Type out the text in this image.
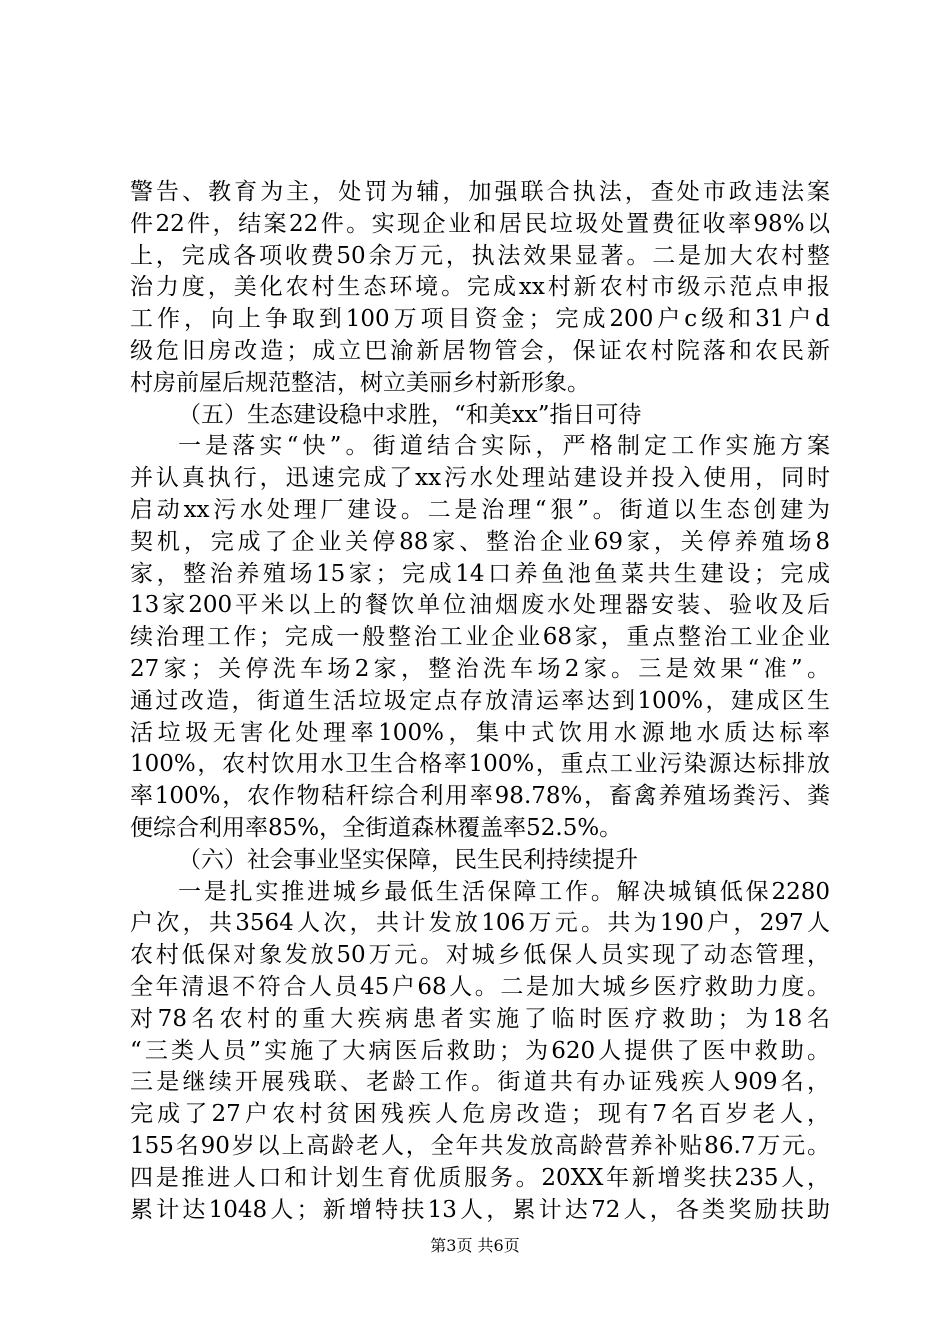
警告、教育为主，处罚为辅，加强联合执法，查处市政违法案
件22件，结案22件。实现企业和居民垃圾处置费征收率98%以
上，完成各项收费50余万元，执法效果显著。二是加大农村整
治力度，美化农村生态环境。完成xx村新农村市级示范点申报
工作，向上争取到100万项目资金；完成200户c级和31户d
级危旧房改造；成立巴渝新居物管会，保证农村院落和农民新
村房前屋后规范整洁，树立美丽乡村新形象。
（五）生态建设稳中求胜，“和美xx”指日可待
一是落实“快”。街道结合实际，严格制定工作实施方案
并认真执行，迅速完成了xx污水处理站建设并投入使用，同时
启动xx污水处理厂建设。二是治理“狠”。街道以生态创建为
契机，完成了企业关停88家、整治企业69家，关停养殖场8
家，整治养殖场15家；完成14口养鱼池鱼菜共生建设；完成
13家200平米以上的餐饮单位油烟废水处理器安装、验收及后
续治理工作；完成一般整治工业企业68家，重点整治工业企业
27家；关停洗车场2家，整治洗车场2家。三是效果“准”。
通过改造，街道生活垃圾定点存放清运率达到100%，建成区生
活垃圾无害化处理率100%，集中式饮用水源地水质达标率
100%，农村饮用水卫生合格率100%，重点工业污染源达标排放
率100%，农作物秸秆综合利用率98.78%，畜禽养殖场粪污、粪
便综合利用率85%，全街道森林覆盖率52.5%。
（六）社会事业坚实保障，民生民利持续提升
一是扎实推进城乡最低生活保障工作。解决城镇低保2280
户次，共3564人次，共计发放106万元。共为190户，297人
农村低保对象发放50万元。对城乡低保人员实现了动态管理，
全年清退不符合人员45户68人。二是加大城乡医疗救助力度。
对78名农村的重大疾病患者实施了临时医疗救助；为18名
“三类人员”实施了大病医后救助；为620人提供了医中救助。
三是继续开展残联、老龄工作。街道共有办证残疾人909名，
完成了27户农村贫困残疾人危房改造；现有7名百岁老人，
155名90岁以上高龄老人，全年共发放高龄营养补贴86.7万元。
四是推进人口和计划生育优质服务。20XX年新增奖扶235人，
累计达1048人；新增特扶13人，累计达72人，各类奖励扶助
第3页 共6页
